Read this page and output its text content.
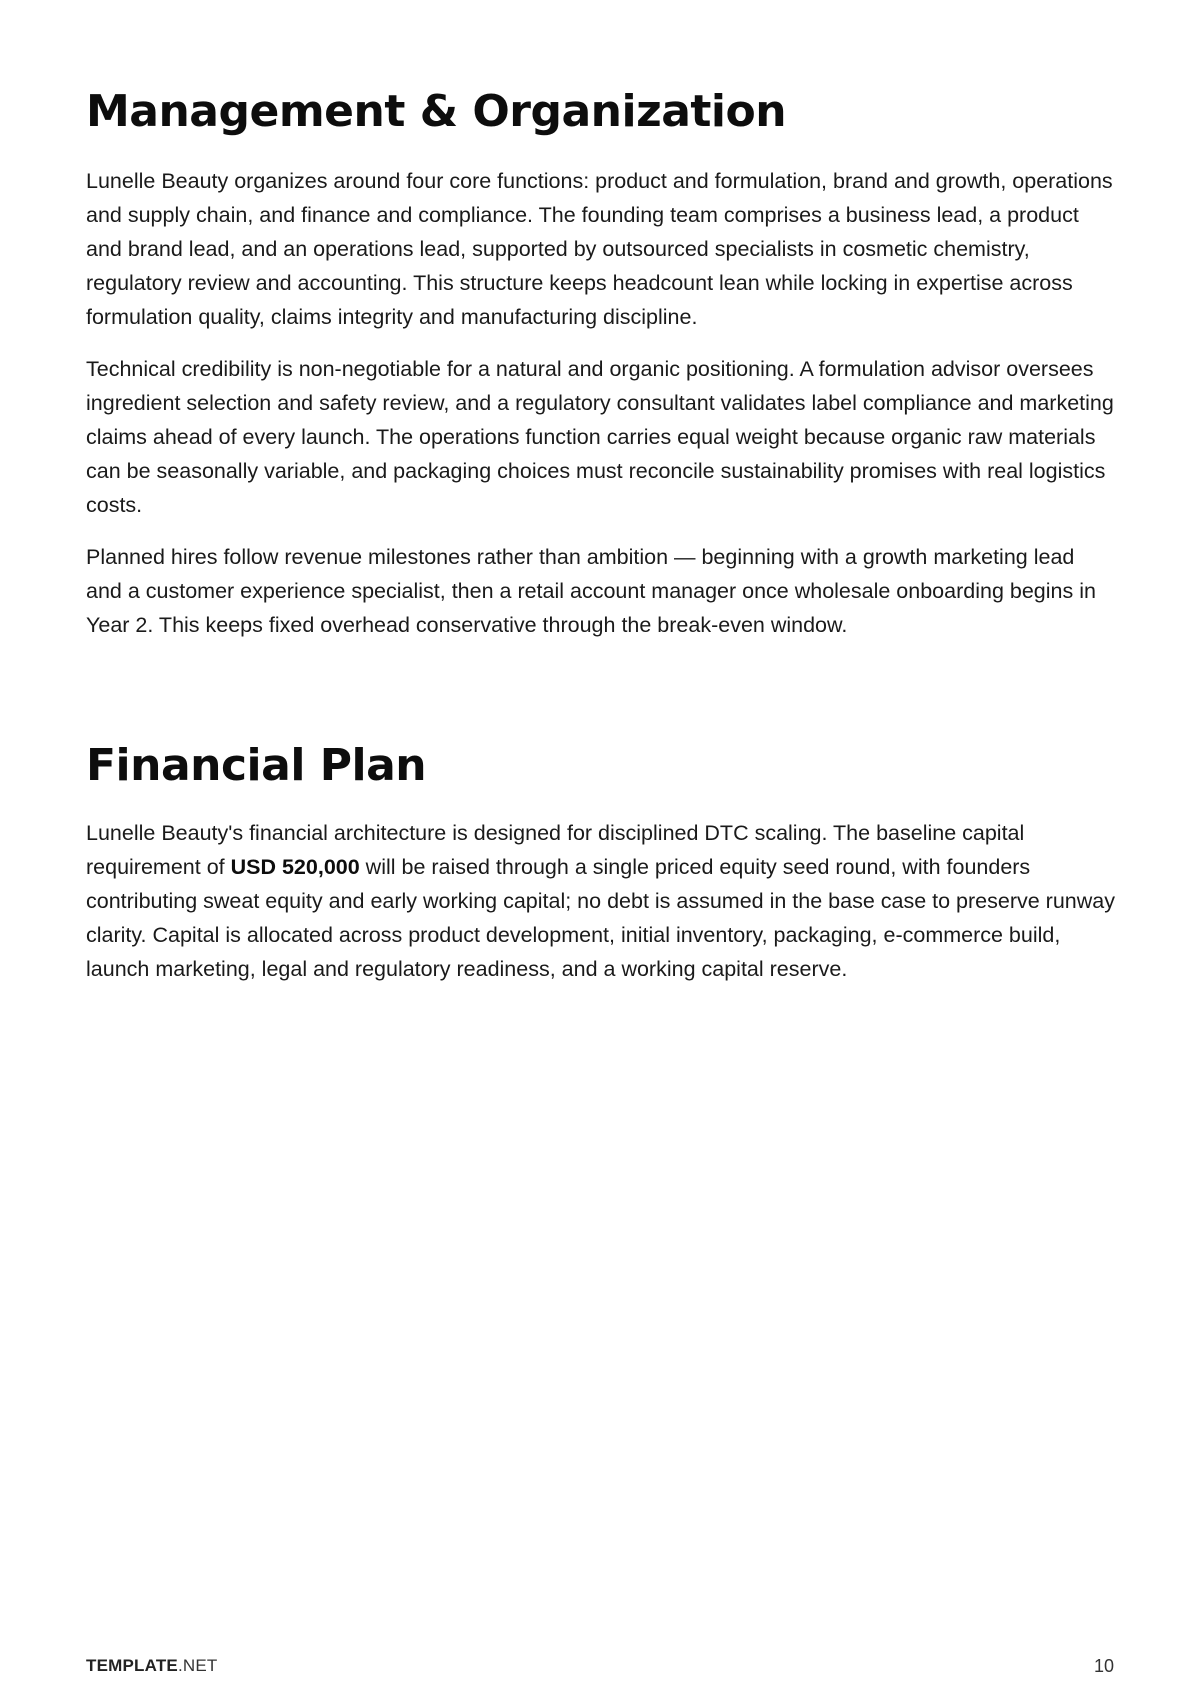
Management & Organization

Lunelle Beauty organizes around four core functions: product and formulation, brand and growth, operations and supply chain, and finance and compliance. The founding team comprises a business lead, a product and brand lead, and an operations lead, supported by outsourced specialists in cosmetic chemistry, regulatory review and accounting. This structure keeps headcount lean while locking in expertise across formulation quality, claims integrity and manufacturing discipline.

Technical credibility is non-negotiable for a natural and organic positioning. A formulation advisor oversees ingredient selection and safety review, and a regulatory consultant validates label compliance and marketing claims ahead of every launch. The operations function carries equal weight because organic raw materials can be seasonally variable, and packaging choices must reconcile sustainability promises with real logistics costs.

Planned hires follow revenue milestones rather than ambition — beginning with a growth marketing lead and a customer experience specialist, then a retail account manager once wholesale onboarding begins in Year 2. This keeps fixed overhead conservative through the break-even window.

Financial Plan

Lunelle Beauty's financial architecture is designed for disciplined DTC scaling. The baseline capital requirement of USD 520,000 will be raised through a single priced equity seed round, with founders contributing sweat equity and early working capital; no debt is assumed in the base case to preserve runway clarity. Capital is allocated across product development, initial inventory, packaging, e-commerce build, launch marketing, legal and regulatory readiness, and a working capital reserve.

TEMPLATE.NET	10
